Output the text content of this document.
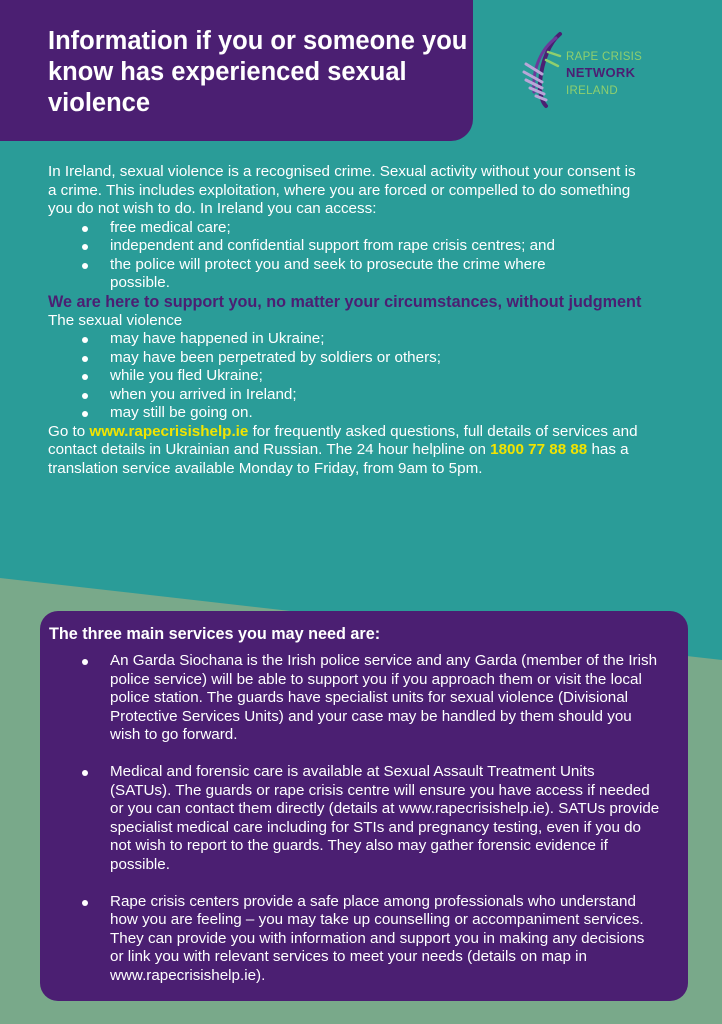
Information if you or someone you know has experienced sexual violence
RAPE CRISIS
NETWORK
IRELAND

In Ireland, sexual violence is a recognised crime. Sexual activity without your consent is a crime. This includes exploitation, where you are forced or compelled to do something you do not wish to do. In Ireland you can access:

free medical care;
independent and confidential support from rape crisis centres; and
the police will protect you and seek to prosecute the crime where possible.

We are here to support you, no matter your circumstances, without judgment

The sexual violence

may have happened in Ukraine;
may have been perpetrated by soldiers or others;
while you fled Ukraine;
when you arrived in Ireland;
may still be going on.

Go to www.rapecrisishelp.ie for frequently asked questions, full details of services and contact details in Ukrainian and Russian. The 24 hour helpline on 1800 77 88 88 has a translation service available Monday to Friday, from 9am to 5pm.

The three main services you may need are:
An Garda Siochana is the Irish police service and any Garda (member of the Irish police service) will be able to support you if you approach them or visit the local police station. The guards have specialist units for sexual violence (Divisional Protective Services Units) and your case may be handled by them should you wish to go forward.
Medical and forensic care is available at Sexual Assault Treatment Units (SATUs). The guards or rape crisis centre will ensure you have access if needed or you can contact them directly (details at www.rapecrisishelp.ie). SATUs provide specialist medical care including for STIs and pregnancy testing, even if you do not wish to report to the guards. They also may gather forensic evidence if possible.
Rape crisis centers provide a safe place among professionals who understand how you are feeling – you may take up counselling or accompaniment services. They can provide you with information and support you in making any decisions or link you with relevant services to meet your needs (details on map in www.rapecrisishelp.ie).
